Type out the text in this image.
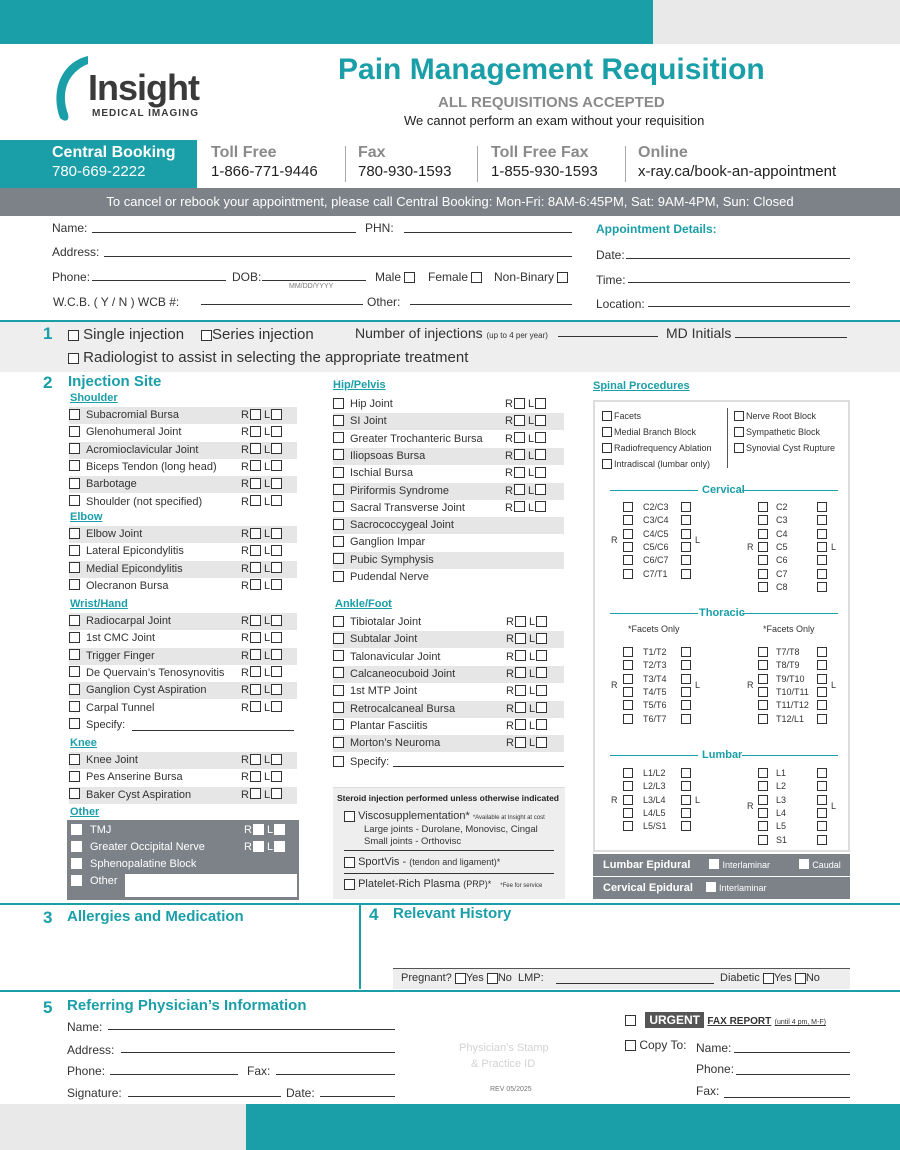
Insight
MEDICAL IMAGING
Pain Management Requisition
ALL REQUISITIONS ACCEPTED
We cannot perform an exam without your requisition
Central Booking
780-669-2222
Toll Free
1-866-771-9446
Fax
780-930-1593
Toll Free Fax
1-855-930-1593
Online
x-ray.ca/book-an-appointment
To cancel or rebook your appointment, please call Central Booking: Mon-Fri: 8AM-6:45PM, Sat: 9AM-4PM, Sun: Closed
Name:	PHN:
Address:
Phone:	DOB:
MM/DD/YYYY
Male	Female	Non-Binary
W.C.B. ( Y / N ) WCB #:	Other:
Appointment Details:
Date:
Time:
Location:
1	Single injection	Series injection	Number of injections (up to 4 per year)	MD Initials
Radiologist to assist in selecting the appropriate treatment
2 Injection Site
Steroid injection performed unless otherwise indicated
Viscosupplementation* *Available at Insight at cost
Large joints - Durolane, Monovisc, Cingal
Small joints - Orthovisc
SportVis - (tendon and ligament)*
Platelet-Rich Plasma (PRP)* *Fee for service
Spinal Procedures
Lumbar Epidural	Interlaminar	Caudal
Cervical Epidural	Interlaminar
3 Allergies and Medication	4 Relevant History
Pregnant? Yes No LMP:	Diabetic Yes No
5 Referring Physician’s Information
Name:
Address:
Phone:	Fax:
Signature:	Date:
Physician’s Stamp
& Practice ID
REV 05/2025
URGENT FAX REPORT (until 4 pm, M-F)
Copy To: Name:
Phone:
Fax:
Shoulder
Subacromial Bursa	R L
Glenohumeral Joint	R L
Acromioclavicular Joint	R L
Biceps Tendon (long head)	R L
Barbotage	R L
Shoulder (not specified)	R L
Elbow
Elbow Joint	R L
Lateral Epicondylitis	R L
Medial Epicondylitis	R L
Olecranon Bursa	R L
Wrist/Hand
Radiocarpal Joint	R L
1st CMC Joint	R L
Trigger Finger	R L
De Quervain’s Tenosynovitis	R L
Ganglion Cyst Aspiration	R L
Carpal Tunnel	R L
Specify:
Knee
Knee Joint	R L
Pes Anserine Bursa	R L
Baker Cyst Aspiration	R L
Other
TMJ	R L
Greater Occipital Nerve	R L
Sphenopalatine Block
Other
Hip/Pelvis
Hip Joint	R L
SI Joint	R L
Greater Trochanteric Bursa	R L
Iliopsoas Bursa	R L
Ischial Bursa	R L
Piriformis Syndrome	R L
Sacral Transverse Joint	R L
Sacrococcygeal Joint
Ganglion Impar
Pubic Symphysis
Pudendal Nerve
Ankle/Foot
Tibiotalar Joint	R L
Subtalar Joint	R L
Talonavicular Joint	R L
Calcaneocuboid Joint	R L
1st MTP Joint	R L
Retrocalcaneal Bursa	R L
Plantar Fasciitis	R L
Morton’s Neuroma	R L
Specify:
Facets
Medial Branch Block
Radiofrequency Ablation
Intradiscal (lumbar only)
Nerve Root Block
Sympathetic Block
Synovial Cyst Rupture
Cervical
C2/C3
C3/C4
C4/C5
C5/C6
C6/C7
C7/T1
R	L
C2
C3
C4
C5
C6
C7
C8
R	L
Thoracic
*Facets Only	*Facets Only
T1/T2
T2/T3
T3/T4
T4/T5
T5/T6
T6/T7
R	L
T7/T8
T8/T9
T9/T10
T10/T11
T11/T12
T12/L1
R	L
Lumbar
L1/L2
L2/L3
L3/L4
L4/L5
L5/S1
R	L
L1
L2
L3
L4
L5
S1
R	L
